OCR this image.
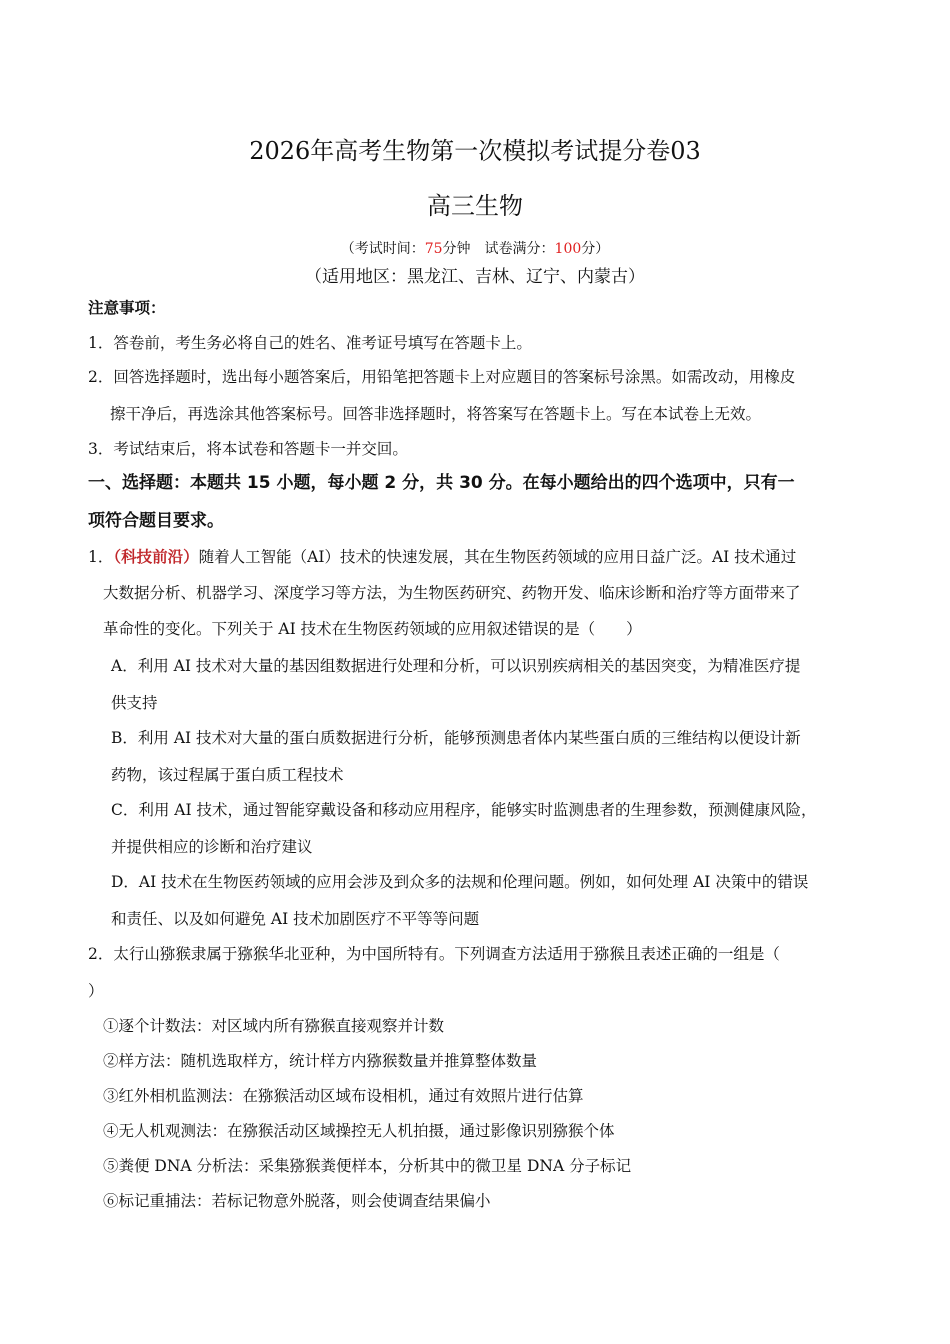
2026年高考生物第一次模拟考试提分卷03
高三生物
（考试时间：75分钟　试卷满分：100分）
（适用地区：黑龙江、吉林、辽宁、内蒙古）
注意事项：
1．答卷前，考生务必将自己的姓名、准考证号填写在答题卡上。
2．回答选择题时，选出每小题答案后，用铅笔把答题卡上对应题目的答案标号涂黑。如需改动，用橡皮
擦干净后，再选涂其他答案标号。回答非选择题时，将答案写在答题卡上。写在本试卷上无效。
3．考试结束后，将本试卷和答题卡一并交回。
一、选择题：本题共 15 小题，每小题 2 分，共 30 分。在每小题给出的四个选项中，只有一
项符合题目要求。
1．（科技前沿）随着人工智能（AI）技术的快速发展，其在生物医药领域的应用日益广泛。AI 技术通过
大数据分析、机器学习、深度学习等方法，为生物医药研究、药物开发、临床诊断和治疗等方面带来了
革命性的变化。下列关于 AI 技术在生物医药领域的应用叙述错误的是（　　）
A．利用 AI 技术对大量的基因组数据进行处理和分析，可以识别疾病相关的基因突变，为精准医疗提
供支持
B．利用 AI 技术对大量的蛋白质数据进行分析，能够预测患者体内某些蛋白质的三维结构以便设计新
药物，该过程属于蛋白质工程技术
C．利用 AI 技术，通过智能穿戴设备和移动应用程序，能够实时监测患者的生理参数，预测健康风险，
并提供相应的诊断和治疗建议
D．AI 技术在生物医药领域的应用会涉及到众多的法规和伦理问题。例如，如何处理 AI 决策中的错误
和责任、以及如何避免 AI 技术加剧医疗不平等等问题
2．太行山猕猴隶属于猕猴华北亚种，为中国所特有。下列调查方法适用于猕猴且表述正确的一组是（
）
①逐个计数法：对区域内所有猕猴直接观察并计数
②样方法：随机选取样方，统计样方内猕猴数量并推算整体数量
③红外相机监测法：在猕猴活动区域布设相机，通过有效照片进行估算
④无人机观测法：在猕猴活动区域操控无人机拍摄，通过影像识别猕猴个体
⑤粪便 DNA 分析法：采集猕猴粪便样本，分析其中的微卫星 DNA 分子标记
⑥标记重捕法：若标记物意外脱落，则会使调查结果偏小
